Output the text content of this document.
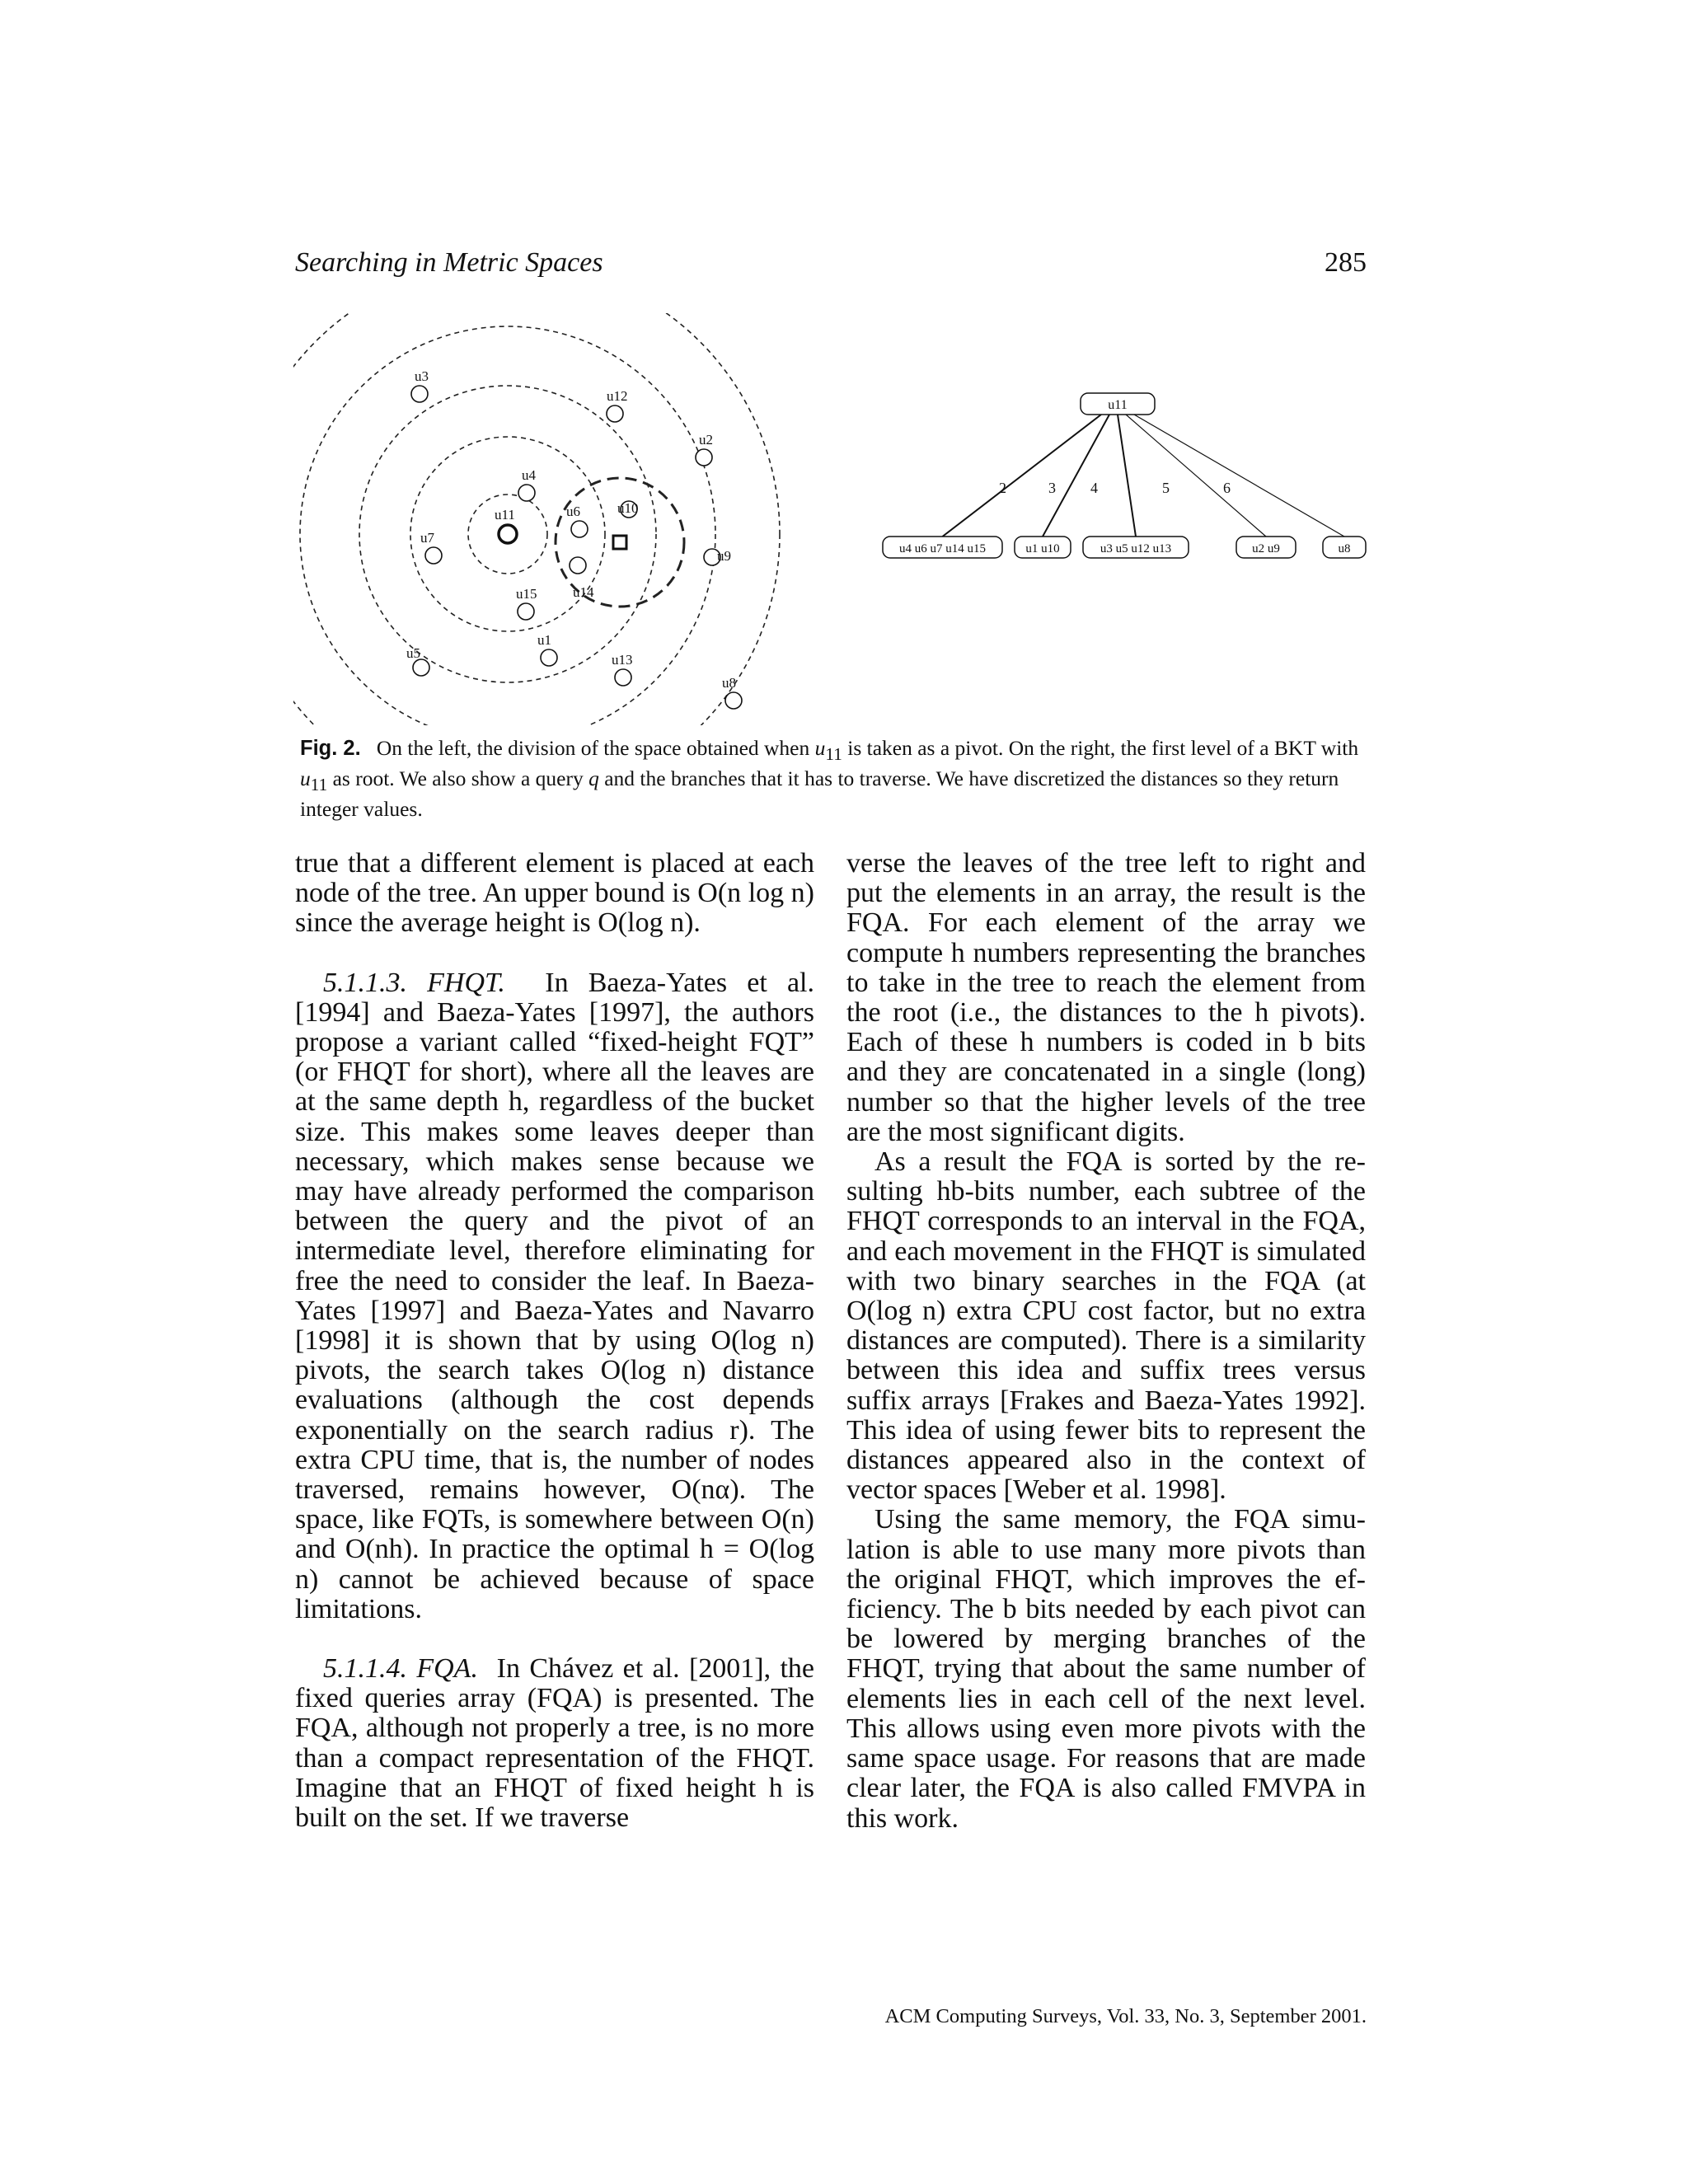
Searching in Metric Spaces	285
u1
u2
u3
u4
u5
u6
u7
u8
u9
u10
u11
u12
u13
u14
u15
2
u4 u6 u7 u14 u15
3
u1 u10
4
u3 u5 u12 u13
5
u2 u9
6
u8
u11
Fig. 2. On the left, the division of the space obtained when $u_{11}$ is taken as a pivot. On the right, the first level of a BKT with $u_{11}$ as root. We also show a query q and the branches that it has to traverse. We have discretized the distances so they return integer values.

true that a different element is placed at each node of the tree. An upper bound is O(n log n) since the average height is O(log n).

5.1.1.3. FHQT. In Baeza-Yates et al. [1994] and Baeza-Yates [1997], the authors propose a variant called “fixed-height FQT” (or FHQT for short), where all the leaves are at the same depth h, regardless of the bucket size. This makes some leaves deeper than necessary, which makes sense because we may have already performed the comparison between the query and the pivot of an intermediate level, therefore eliminating for free the need to consider the leaf. In Baeza-Yates [1997] and Baeza-Yates and Navarro [1998] it is shown that by using O(log n) pivots, the search takes O(log n) distance evaluations (although the cost depends exponentially on the search radius r). The extra CPU time, that is, the number of nodes traversed, remains however, O(nα). The space, like FQTs, is somewhere between O(n) and O(nh). In practice the optimal h = O(log n) cannot be achieved because of space limitations.

5.1.1.4. FQA. In Chávez et al. [2001], the fixed queries array (FQA) is presented. The FQA, although not properly a tree, is no more than a compact representation of the FHQT. Imagine that an FHQT of fixed height h is built on the set. If we traverse

verse the leaves of the tree left to right and put the elements in an array, the result is the FQA. For each element of the array we compute h numbers representing the branches to take in the tree to reach the element from the root (i.e., the distances to the h pivots). Each of these h numbers is coded in b bits and they are concatenated in a single (long) number so that the higher levels of the tree are the most significant digits.

As a result the FQA is sorted by the resulting hb-bits number, each subtree of the FHQT corresponds to an interval in the FQA, and each movement in the FHQT is simulated with two binary searches in the FQA (at O(log n) extra CPU cost factor, but no extra distances are computed). There is a similarity between this idea and suffix trees versus suffix arrays [Frakes and Baeza-Yates 1992]. This idea of using fewer bits to represent the distances appeared also in the context of vector spaces [Weber et al. 1998].

Using the same memory, the FQA simulation is able to use many more pivots than the original FHQT, which improves the efficiency. The b bits needed by each pivot can be lowered by merging branches of the FHQT, trying that about the same number of elements lies in each cell of the next level. This allows using even more pivots with the same space usage. For reasons that are made clear later, the FQA is also called FMVPA in this work.

ACM Computing Surveys, Vol. 33, No. 3, September 2001.
